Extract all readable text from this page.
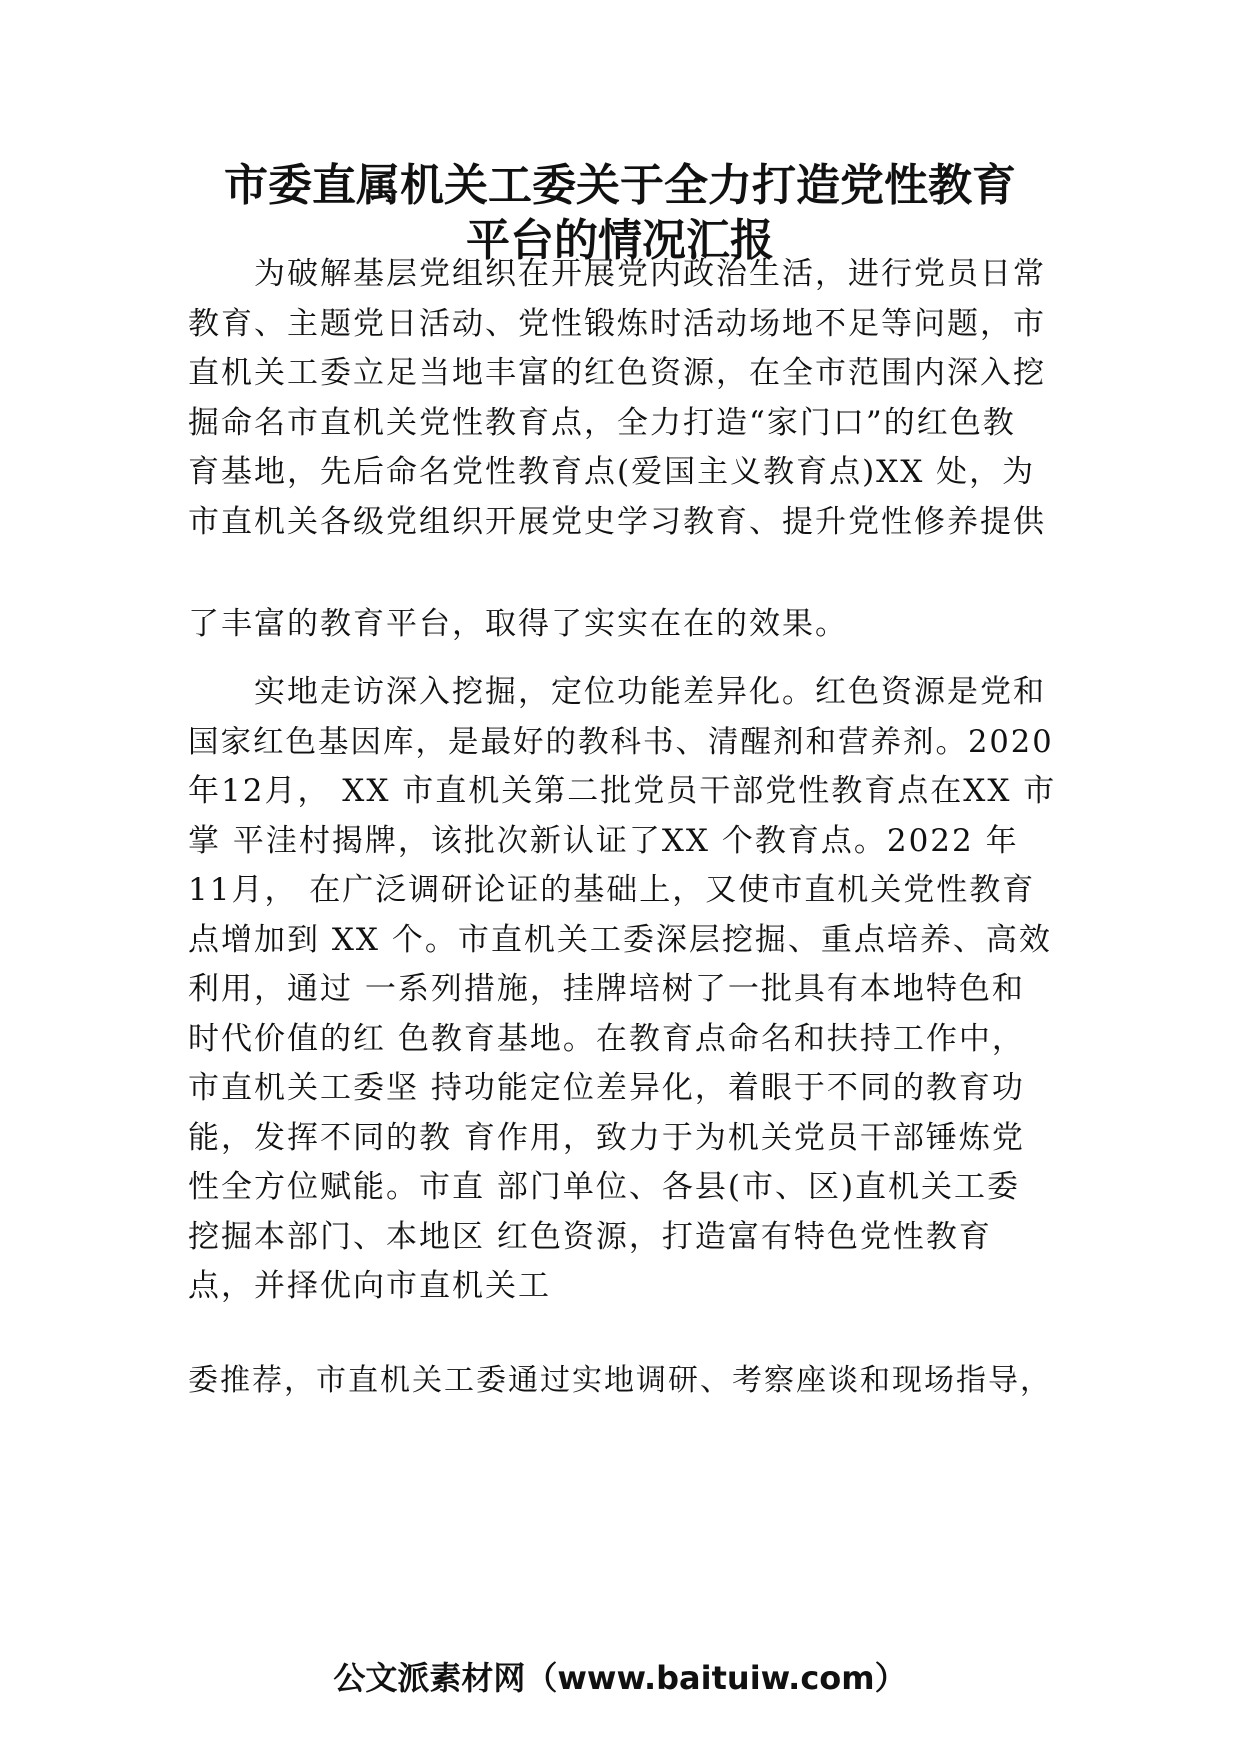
市委直属机关工委关于全力打造党性教育
平台的情况汇报
　　为破解基层党组织在开展党内政治生活，进行党员日常
教育、主题党日活动、党性锻炼时活动场地不足等问题，市
直机关工委立足当地丰富的红色资源，在全市范围内深入挖
掘命名市直机关党性教育点，全力打造“家门口”的红色教
育基地，先后命名党性教育点(爱国主义教育点)XX 处，为
市直机关各级党组织开展党史学习教育、提升党性修养提供
了丰富的教育平台，取得了实实在在的效果。
　　实地走访深入挖掘，定位功能差异化。红色资源是党和
国家红色基因库，是最好的教科书、清醒剂和营养剂。2020
年12月， XX 市直机关第二批党员干部党性教育点在XX 市
掌 平洼村揭牌，该批次新认证了XX 个教育点。2022 年
11月， 在广泛调研论证的基础上，又使市直机关党性教育
点增加到 XX 个。市直机关工委深层挖掘、重点培养、高效
利用，通过 一系列措施，挂牌培树了一批具有本地特色和
时代价值的红 色教育基地。在教育点命名和扶持工作中，
市直机关工委坚 持功能定位差异化，着眼于不同的教育功
能，发挥不同的教 育作用，致力于为机关党员干部锤炼党
性全方位赋能。市直 部门单位、各县(市、区)直机关工委
挖掘本部门、本地区 红色资源，打造富有特色党性教育
点，并择优向市直机关工
委推荐，市直机关工委通过实地调研、考察座谈和现场指导，
公文派素材网（www.baituiw.com）
